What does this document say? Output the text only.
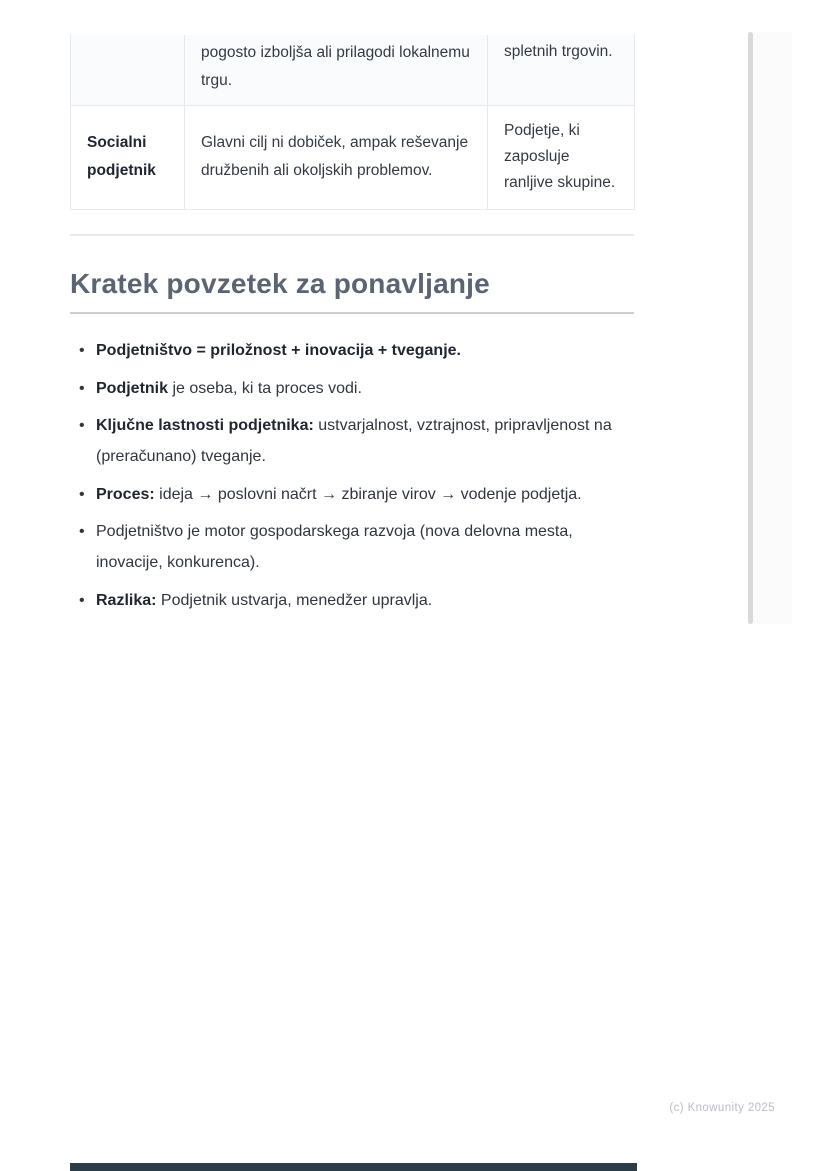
	pogosto izboljša ali prilagodi lokalnemu trgu.	spletnih trgovin.
Socialni podjetnik	Glavni cilj ni dobiček, ampak reševanje družbenih ali okoljskih problemov.	Podjetje, ki zaposluje ranljive skupine.
Kratek povzetek za ponavljanje
• Podjetništvo = priložnost + inovacija + tveganje.
• Podjetnik je oseba, ki ta proces vodi.
• Ključne lastnosti podjetnika: ustvarjalnost, vztrajnost, pripravljenost na (preračunano) tveganje.
• Proces: ideja → poslovni načrt → zbiranje virov → vodenje podjetja.
• Podjetništvo je motor gospodarskega razvoja (nova delovna mesta, inovacije, konkurenca).
• Razlika: Podjetnik ustvarja, menedžer upravlja.
(c) Knowunity 2025
